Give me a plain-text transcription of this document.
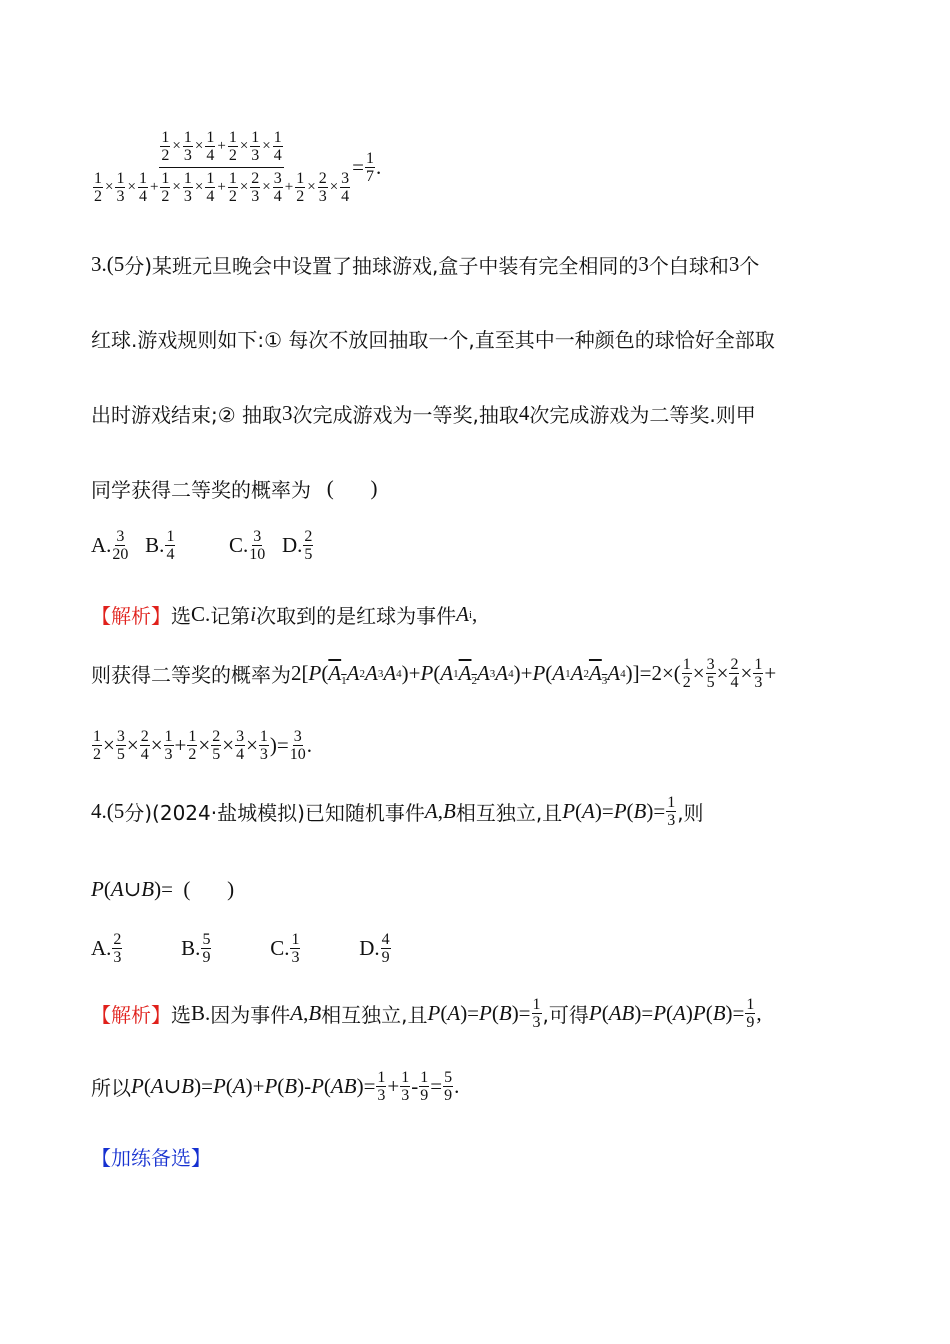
$\frac{\frac{1}{2} \times \frac{1}{3} \times \frac{1}{4} + \frac{1}{2} \times \frac{1}{3} \times \frac{1}{4}}{\frac{1}{2} \times \frac{1}{3} \times \frac{1}{4} + \frac{1}{2} \times \frac{1}{3} \times \frac{1}{4} + \frac{1}{2} \times \frac{2}{3} \times \frac{3}{4} + \frac{1}{2} \times \frac{2}{3} \times \frac{3}{4}} = \frac{1}{7}$ .
3.(5 分)某班元旦晚会中设置了抽球游戏,盒子中装有完全相同的 3 个白球和 3 个
红球.游戏规则如下:① 每次不放回抽取一个,直至其中一种颜色的球恰好全部取
出时游戏结束;② 抽取 3 次完成游戏为一等奖,抽取 4 次完成游戏为二等奖.则甲
同学获得二等奖的概率为 (       )
A. $\frac{3}{20} B$. $\frac{1}{4} C$. $\frac{3}{10} D$. $\frac{2}{5}$
【解析】 选 C. 记第 i 次取到的是红球为事件 A i ,
则获得二等奖的概率为 2[ P ( $\overline{A}_1$ A 2 A 3 A 4 )+ P ( A 1 $\overline{A}_2$ A 3 A 4 )+ P ( A 1 A 2 $\overline{A}_3$ A 4 )]$=2\times( \frac{1}{2} \times \frac{3}{5} \times \frac{2}{4} \times \frac{1}{3}$ +
$\frac{1}{2} \times \frac{3}{5} \times \frac{2}{4} \times \frac{1}{3} + \frac{1}{2} \times \frac{2}{5} \times \frac{3}{4} \times \frac{1}{3}$ )= $\frac{3}{10}$ .
4.(5 分)(2024·盐城模拟)已知随机事件 A , B 相互独立,且 P ( A )= P ( B )= $\frac{1}{3}$ ,则
P ( A ∪ B )=  (       )
A. $\frac{2}{3} B$. $\frac{5}{9} C$. $\frac{1}{3} D$. $\frac{4}{9}$
【解析】 选 B. 因为事件 A , B 相互独立,且 P ( A )= P ( B )= $\frac{1}{3}$ ,可得 P ( AB )= P ( A ) P ( B )= $\frac{1}{9}$ ,
所以 P ( A ∪ B )= P ( A )+ P ( B )- P ( AB )= $\frac{1}{3} + \frac{1}{3} - \frac{1}{9} = \frac{5}{9}$ .
【加练备选】
